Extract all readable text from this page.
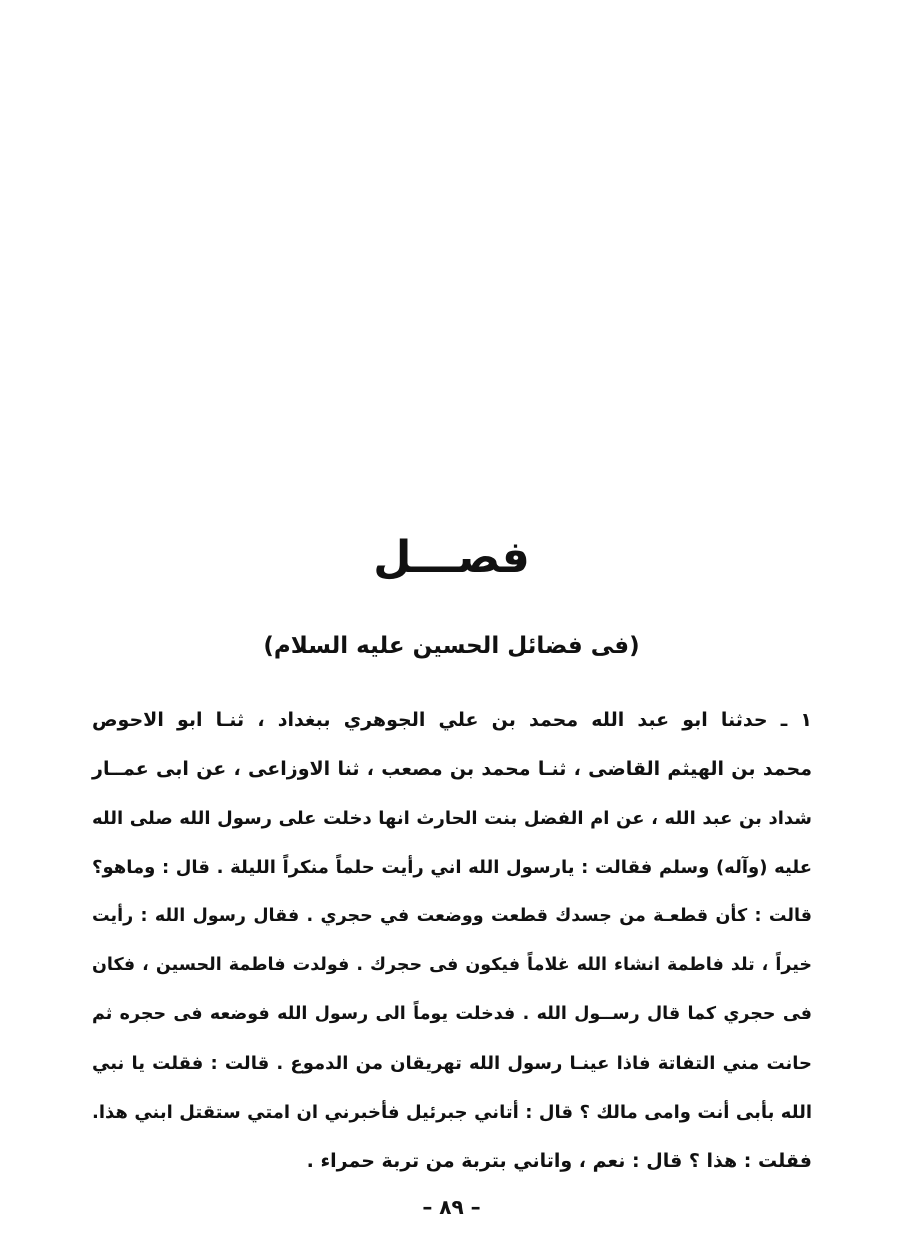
فصـــل
(فى فضائل الحسين عليه السلام)
١ ـ حدثنا ابو عبد الله محمد بن علي الجوهري ببغداد ، ثنـا ابو الاحوص
محمد بن الهيثم القاضى ، ثنـا محمد بن مصعب ، ثنا الاوزاعى ، عن ابى عمــار
شداد بن عبد الله ، عن ام الفضل بنت الحارث انها دخلت على رسول الله صلى الله
عليه (وآله) وسلم فقالت : يارسول الله اني رأيت حلماً منكراً الليلة . قال : وماهو؟
قالت : كأن قطعـة من جسدك قطعت ووضعت في حجري . فقال رسول الله : رأيت
خيراً ، تلد فاطمة انشاء الله غلاماً فيكون فى حجرك . فولدت فاطمة الحسين ، فكان
فى حجري كما قال رســول الله . فدخلت يوماً الى رسول الله فوضعه فى حجره ثم
حانت مني التفاتة فاذا عينـا رسول الله تهريقان من الدموع . قالت : فقلت يا نبي
الله بأبى أنت وامى مالك ؟ قال : أتاني جبرئيل فأخبرني ان امتي ستقتل ابني هذا.
فقلت : هذا ؟ قال : نعم ، واتاني بتربة من تربة حمراء .
– ٨٩ –
